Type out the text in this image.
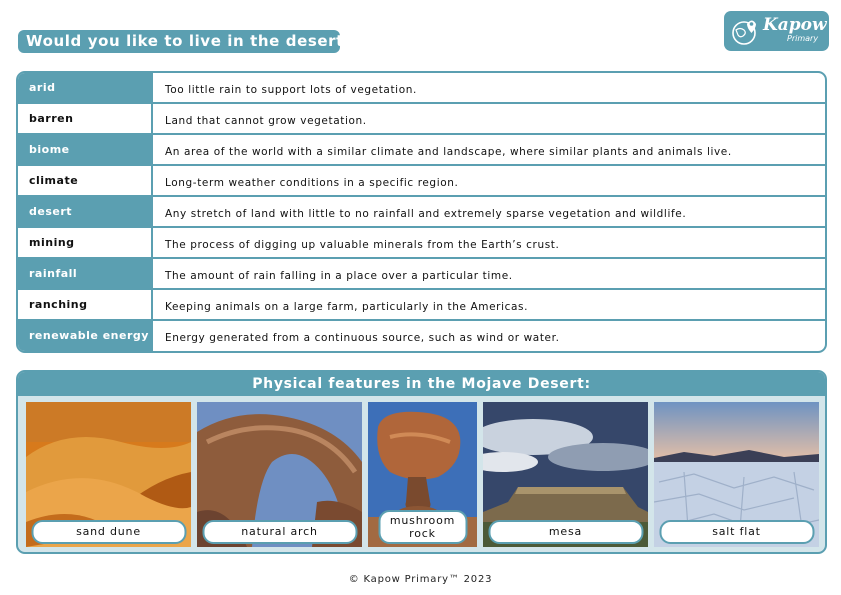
Would you like to live in the desert?
Kapow
Primary
arid	Too little rain to support lots of vegetation.
barren	Land that cannot grow vegetation.
biome	An area of the world with a similar climate and landscape, where similar plants and animals live.
climate	Long-term weather conditions in a specific region.
desert	Any stretch of land with little to no rainfall and extremely sparse vegetation and wildlife.
mining	The process of digging up valuable minerals from the Earth’s crust.
rainfall	The amount of rain falling in a place over a particular time.
ranching	Keeping animals on a large farm, particularly in the Americas.
renewable energy	Energy generated from a continuous source, such as wind or water.
Physical features in the Mojave Desert:
sand dune	natural arch
mushroom
rock	mesa	salt flat
© Kapow Primary™ 2023
